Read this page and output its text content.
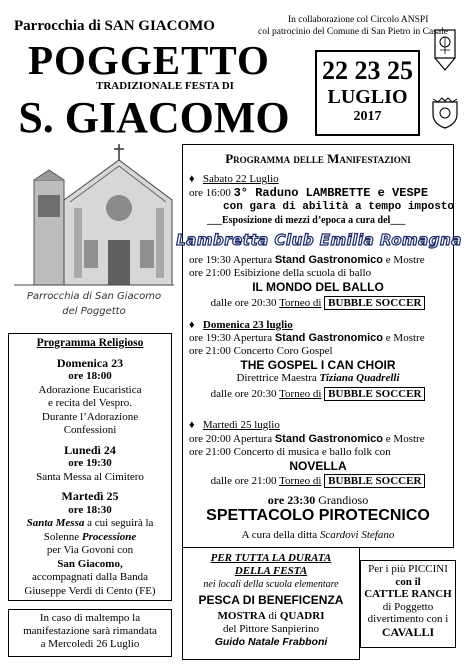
Parrocchia di SAN GIACOMO
POGGETTO
TRADIZIONALE FESTA DI
S. GIACOMO
In collaborazione col Circolo ANSPI
col patrocinio del Comune di San Pietro in Casale
22 23 25
LUGLIO
2017
Parrocchia di San Giacomo
del Poggetto
Programma Religioso
Domenica 23
ore 18:00
Adorazione Eucaristica
e recita del Vespro.
Durante l’Adorazione
Confessioni
Lunedì 24
ore 19:30
Santa Messa al Cimitero
Martedì 25
ore 18:30
Santa Messa a cui seguirà la
Solenne Processione
per Via Govoni con
San Giacomo,
accompagnati dalla Banda
Giuseppe Verdi di Cento (FE)
In caso di maltempo la
manifestazione sarà rimandata
a Mercoledì 26 Luglio
Programma delle Manifestazioni
♦ Sabato 22 Luglio
ore 16:00 3° Raduno LAMBRETTE e VESPE
con gara di abilità a tempo imposto
___Esposizione di mezzi d’epoca a cura del___
Lambretta Club Emilia Romagna
ore 19:30 Apertura Stand Gastronomico e Mostre
ore 21:00 Esibizione della scuola di ballo
IL MONDO DEL BALLO
dalle ore 20:30 Torneo di BUBBLE SOCCER
♦ Domenica 23 luglio
ore 19:30 Apertura Stand Gastronomico e Mostre
ore 21:00 Concerto Coro Gospel
THE GOSPEL I CAN CHOIR
Direttrice Maestra Tiziana Quadrelli
dalle ore 20:30 Torneo di BUBBLE SOCCER
♦ Martedì 25 luglio
ore 20:00 Apertura Stand Gastronomico e Mostre
ore 21:00 Concerto di musica e ballo folk con
NOVELLA
dalle ore 21:00 Torneo di BUBBLE SOCCER
ore 23:30 Grandioso
SPETTACOLO PIROTECNICO
A cura della ditta Scardovi Stefano
PER TUTTA LA DURATA
DELLA FESTA
nei locali della scuola elementare
PESCA DI BENEFICENZA
MOSTRA di QUADRI
del Pittore Sanpierino
Guido Natale Frabboni
Per i più PICCINI
con il
CATTLE RANCH
di Poggetto
divertimento con i
CAVALLI
